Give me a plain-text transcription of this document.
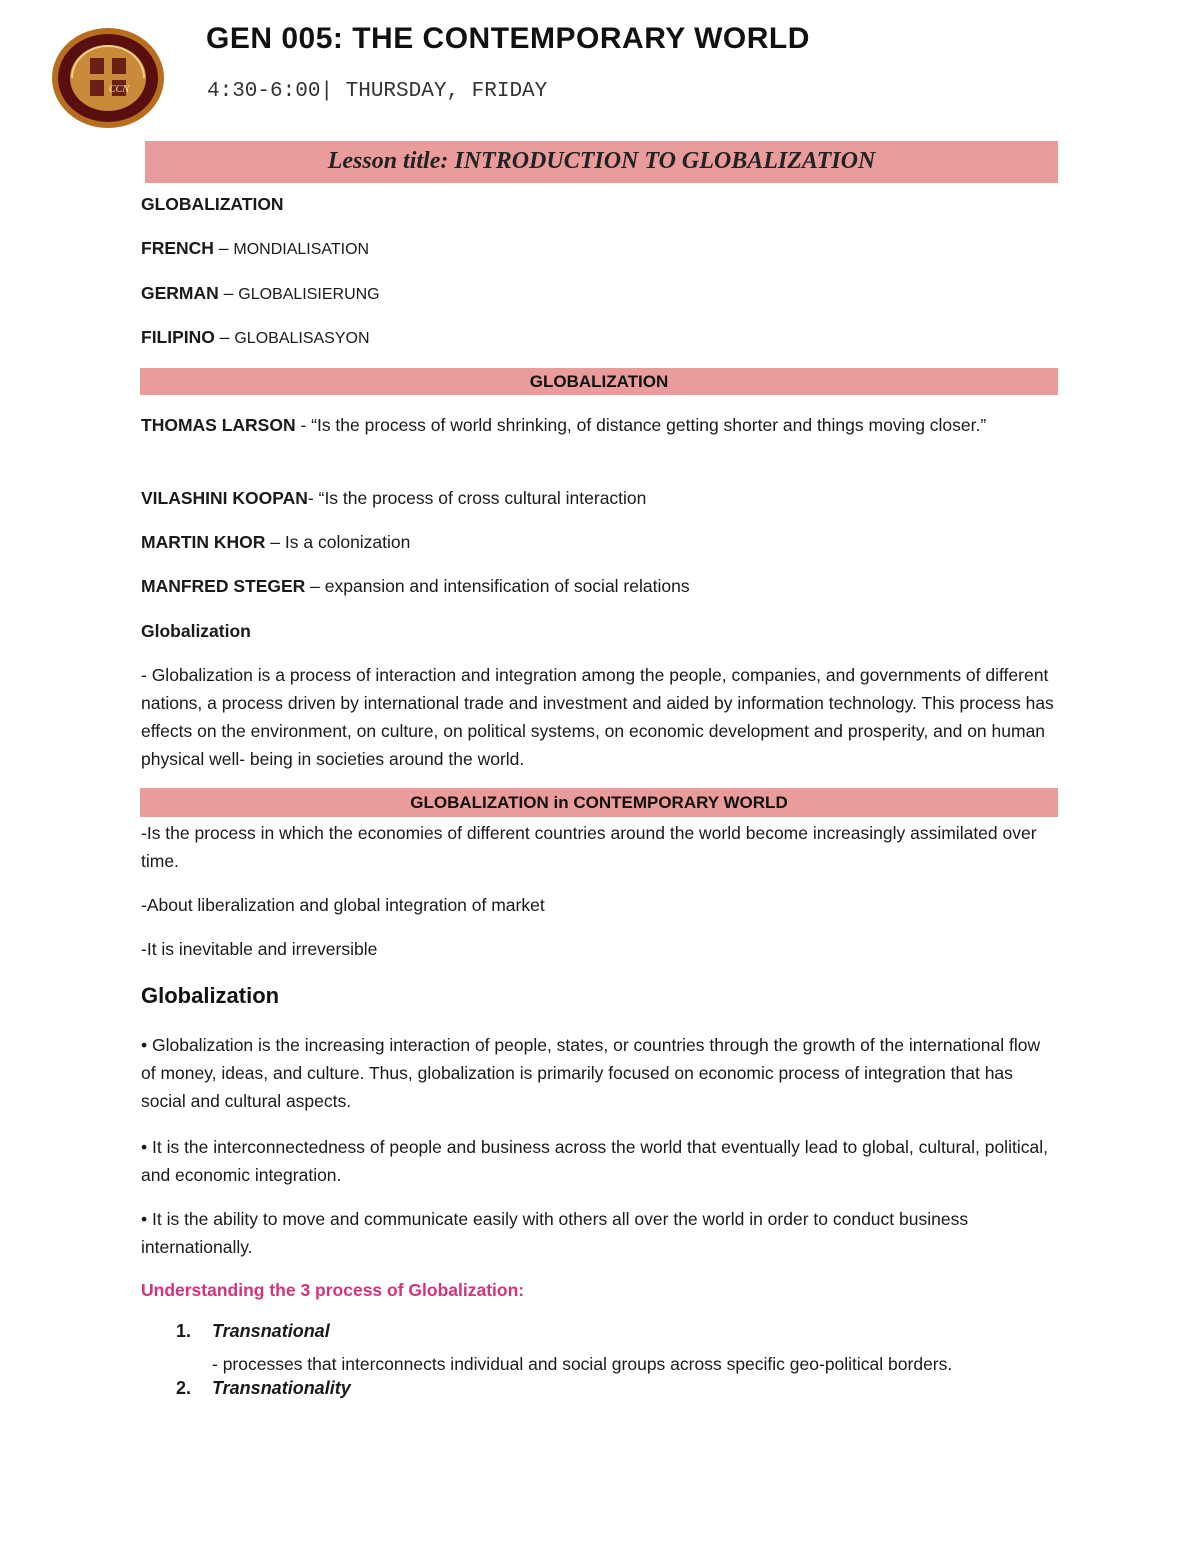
CCN
GEN 005: THE CONTEMPORARY WORLD
4:30-6:00| THURSDAY, FRIDAY
Lesson title: INTRODUCTION TO GLOBALIZATION

GLOBALIZATION

FRENCH – MONDIALISATION

GERMAN – GLOBALISIERUNG

FILIPINO – GLOBALISASYON

GLOBALIZATION

THOMAS LARSON - “Is the process of world shrinking, of distance getting shorter and things moving closer.”

VILASHINI KOOPAN- “Is the process of cross cultural interaction

MARTIN KHOR – Is a colonization

MANFRED STEGER – expansion and intensification of social relations

Globalization

- Globalization is a process of interaction and integration among the people, companies, and governments of different nations, a process driven by international trade and investment and aided by information technology. This process has effects on the environment, on culture, on political systems, on economic development and prosperity, and on human physical well- being in societies around the world.

GLOBALIZATION in CONTEMPORARY WORLD

-Is the process in which the economies of different countries around the world become increasingly assimilated over time.

-About liberalization and global integration of market

-It is inevitable and irreversible

Globalization

• Globalization is the increasing interaction of people, states, or countries through the growth of the international flow of money, ideas, and culture. Thus, globalization is primarily focused on economic process of integration that has social and cultural aspects.

• It is the interconnectedness of people and business across the world that eventually lead to global, cultural, political, and economic integration.

• It is the ability to move and communicate easily with others all over the world in order to conduct business internationally.

Understanding the 3 process of Globalization:

1. Transnational

- processes that interconnects individual and social groups across specific geo-political borders.

2. Transnationality
